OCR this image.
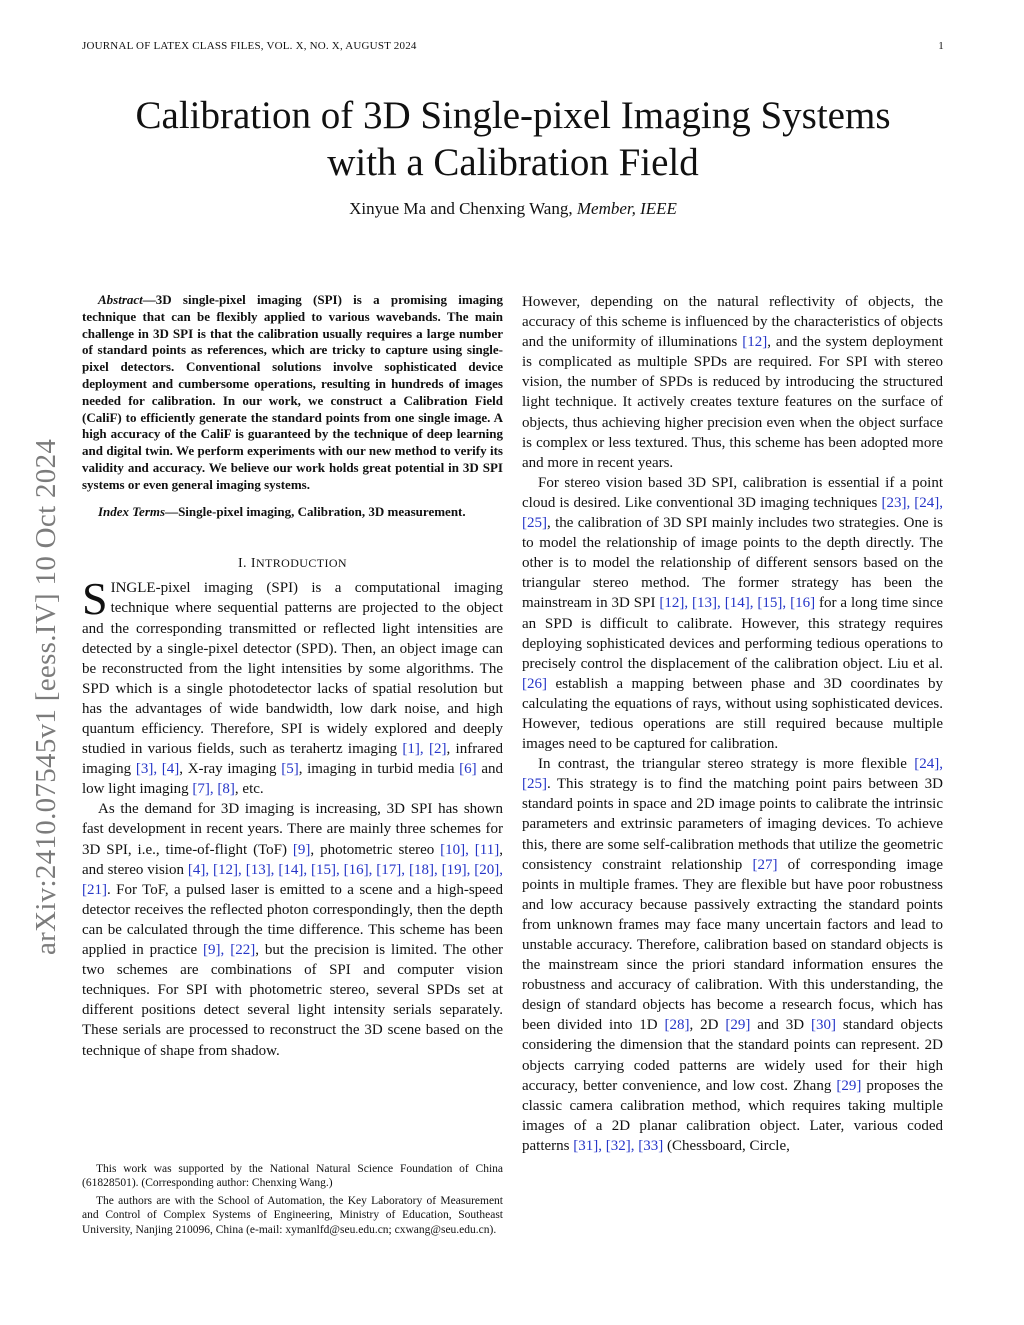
JOURNAL OF LATEX CLASS FILES, VOL. X, NO. X, AUGUST 2024	1
Calibration of 3D Single-pixel Imaging Systems
with a Calibration Field
Xinyue Ma and Chenxing Wang, Member, IEEE
arXiv:2410.07545v1 [eess.IV] 10 Oct 2024

Abstract—3D single-pixel imaging (SPI) is a promising imaging technique that can be flexibly applied to various wavebands. The main challenge in 3D SPI is that the calibration usually requires a large number of standard points as references, which are tricky to capture using single-pixel detectors. Conventional solutions involve sophisticated device deployment and cumbersome operations, resulting in hundreds of images needed for calibration. In our work, we construct a Calibration Field (CaliF) to efficiently generate the standard points from one single image. A high accuracy of the CaliF is guaranteed by the technique of deep learning and digital twin. We perform experiments with our new method to verify its validity and accuracy. We believe our work holds great potential in 3D SPI systems or even general imaging systems.

Index Terms—Single-pixel imaging, Calibration, 3D measurement.

I. INTRODUCTION

SINGLE-pixel imaging (SPI) is a computational imaging technique where sequential patterns are projected to the object and the corresponding transmitted or reflected light intensities are detected by a single-pixel detector (SPD). Then, an object image can be reconstructed from the light intensities by some algorithms. The SPD which is a single photodetector lacks of spatial resolution but has the advantages of wide bandwidth, low dark noise, and high quantum efficiency. Therefore, SPI is widely explored and deeply studied in various fields, such as terahertz imaging [1], [2], infrared imaging [3], [4], X-ray imaging [5], imaging in turbid media [6] and low light imaging [7], [8], etc.

As the demand for 3D imaging is increasing, 3D SPI has shown fast development in recent years. There are mainly three schemes for 3D SPI, i.e., time-of-flight (ToF) [9], photometric stereo [10], [11], and stereo vision [4], [12], [13], [14], [15], [16], [17], [18], [19], [20], [21]. For ToF, a pulsed laser is emitted to a scene and a high-speed detector receives the reflected photon correspondingly, then the depth can be calculated through the time difference. This scheme has been applied in practice [9], [22], but the precision is limited. The other two schemes are combinations of SPI and computer vision techniques. For SPI with photometric stereo, several SPDs set at different positions detect several light intensity serials separately. These serials are processed to reconstruct the 3D scene based on the technique of shape from shadow.

This work was supported by the National Natural Science Foundation of China (61828501). (Corresponding author: Chenxing Wang.)

The authors are with the School of Automation, the Key Laboratory of Measurement and Control of Complex Systems of Engineering, Ministry of Education, Southeast University, Nanjing 210096, China (e-mail: xymanlfd@seu.edu.cn; cxwang@seu.edu.cn).

However, depending on the natural reflectivity of objects, the accuracy of this scheme is influenced by the characteristics of objects and the uniformity of illuminations [12], and the system deployment is complicated as multiple SPDs are required. For SPI with stereo vision, the number of SPDs is reduced by introducing the structured light technique. It actively creates texture features on the surface of objects, thus achieving higher precision even when the object surface is complex or less textured. Thus, this scheme has been adopted more and more in recent years.

For stereo vision based 3D SPI, calibration is essential if a point cloud is desired. Like conventional 3D imaging techniques [23], [24], [25], the calibration of 3D SPI mainly includes two strategies. One is to model the relationship of image points to the depth directly. The other is to model the relationship of different sensors based on the triangular stereo method. The former strategy has been the mainstream in 3D SPI [12], [13], [14], [15], [16] for a long time since an SPD is difficult to calibrate. However, this strategy requires deploying sophisticated devices and performing tedious operations to precisely control the displacement of the calibration object. Liu et al. [26] establish a mapping between phase and 3D coordinates by calculating the equations of rays, without using sophisticated devices. However, tedious operations are still required because multiple images need to be captured for calibration.

In contrast, the triangular stereo strategy is more flexible [24], [25]. This strategy is to find the matching point pairs between 3D standard points in space and 2D image points to calibrate the intrinsic parameters and extrinsic parameters of imaging devices. To achieve this, there are some self-calibration methods that utilize the geometric consistency constraint relationship [27] of corresponding image points in multiple frames. They are flexible but have poor robustness and low accuracy because passively extracting the standard points from unknown frames may face many uncertain factors and lead to unstable accuracy. Therefore, calibration based on standard objects is the mainstream since the priori standard information ensures the robustness and accuracy of calibration. With this understanding, the design of standard objects has become a research focus, which has been divided into 1D [28], 2D [29] and 3D [30] standard objects considering the dimension that the standard points can represent. 2D objects carrying coded patterns are widely used for their high accuracy, better convenience, and low cost. Zhang [29] proposes the classic camera calibration method, which requires taking multiple images of a 2D planar calibration object. Later, various coded patterns [31], [32], [33] (Chessboard, Circle,
